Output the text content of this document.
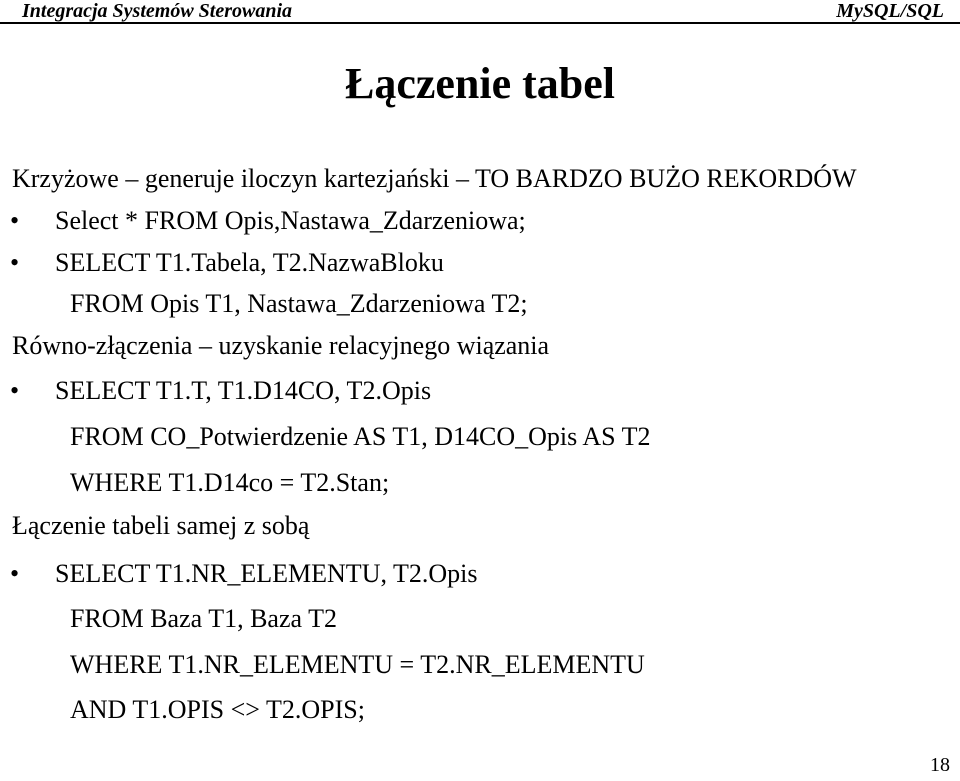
Integracja Systemów Sterowania	MySQL/SQL
Łączenie tabel
Krzyżowe – generuje iloczyn kartezjański – TO BARDZO BUŻO REKORDÓW
• Select * FROM Opis,Nastawa_Zdarzeniowa;
• SELECT T1.Tabela, T2.NazwaBloku
FROM Opis T1, Nastawa_Zdarzeniowa T2;
Równo-złączenia – uzyskanie relacyjnego wiązania
• SELECT T1.T, T1.D14CO, T2.Opis
FROM CO_Potwierdzenie AS T1, D14CO_Opis AS T2
WHERE T1.D14co = T2.Stan;
Łączenie tabeli samej z sobą
• SELECT T1.NR_ELEMENTU, T2.Opis
FROM Baza T1, Baza T2
WHERE T1.NR_ELEMENTU = T2.NR_ELEMENTU
AND T1.OPIS <> T2.OPIS;
18
